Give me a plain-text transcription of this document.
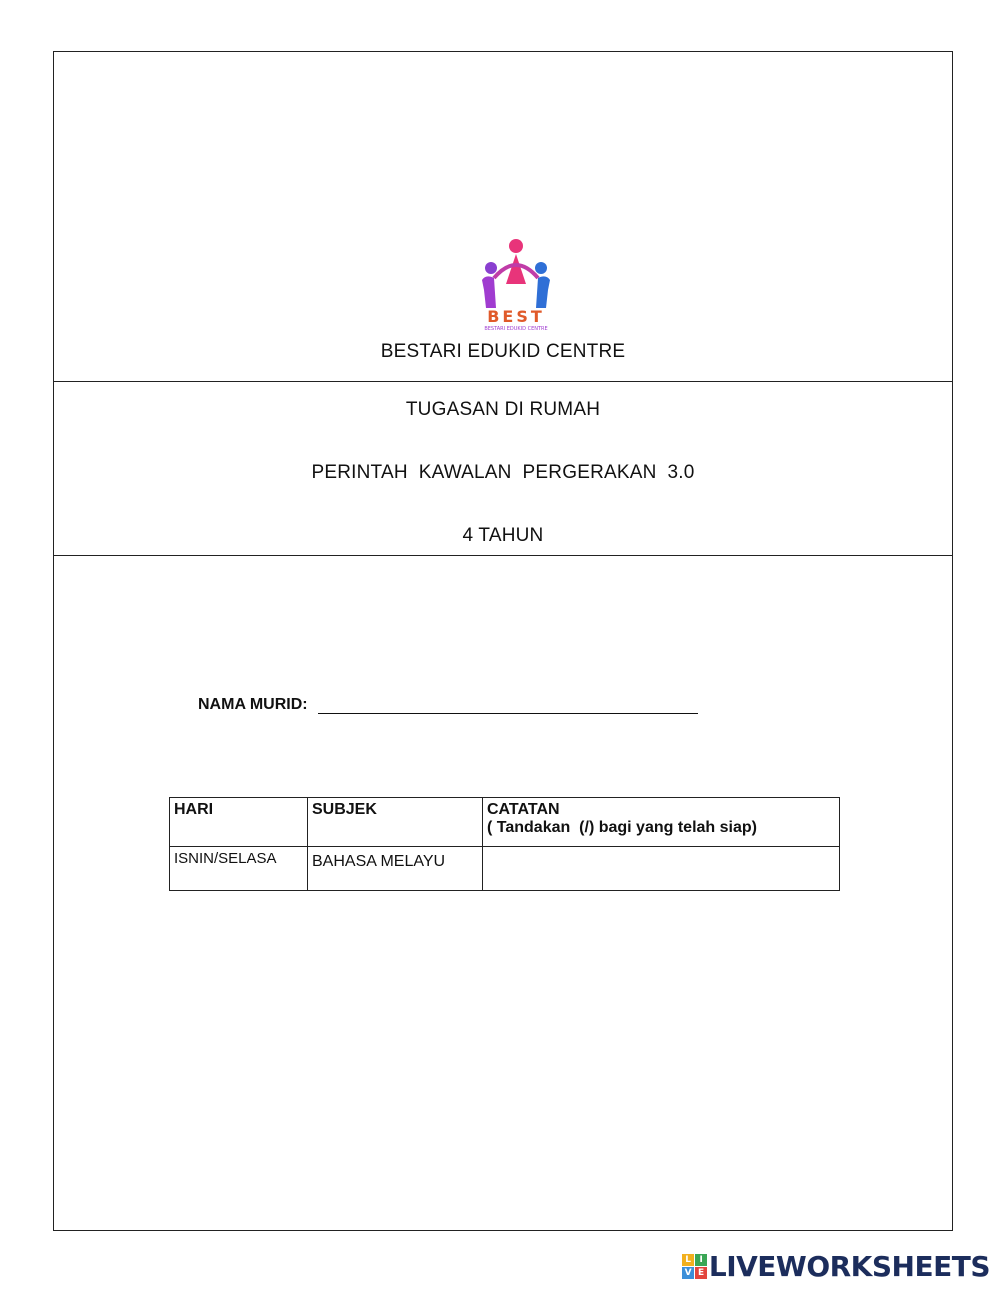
BEST
BESTARI EDUKID CENTRE
BESTARI EDUKID CENTRE
TUGASAN DI RUMAH
PERINTAH  KAWALAN  PERGERAKAN  3.0
4 TAHUN
NAMA MURID:
HARI	SUBJEK	CATATAN
( Tandakan  (/) bagi yang telah siap)

ISNIN/SELASA	BAHASA MELAYU	
L I
V E LIVEWORKSHEETS
